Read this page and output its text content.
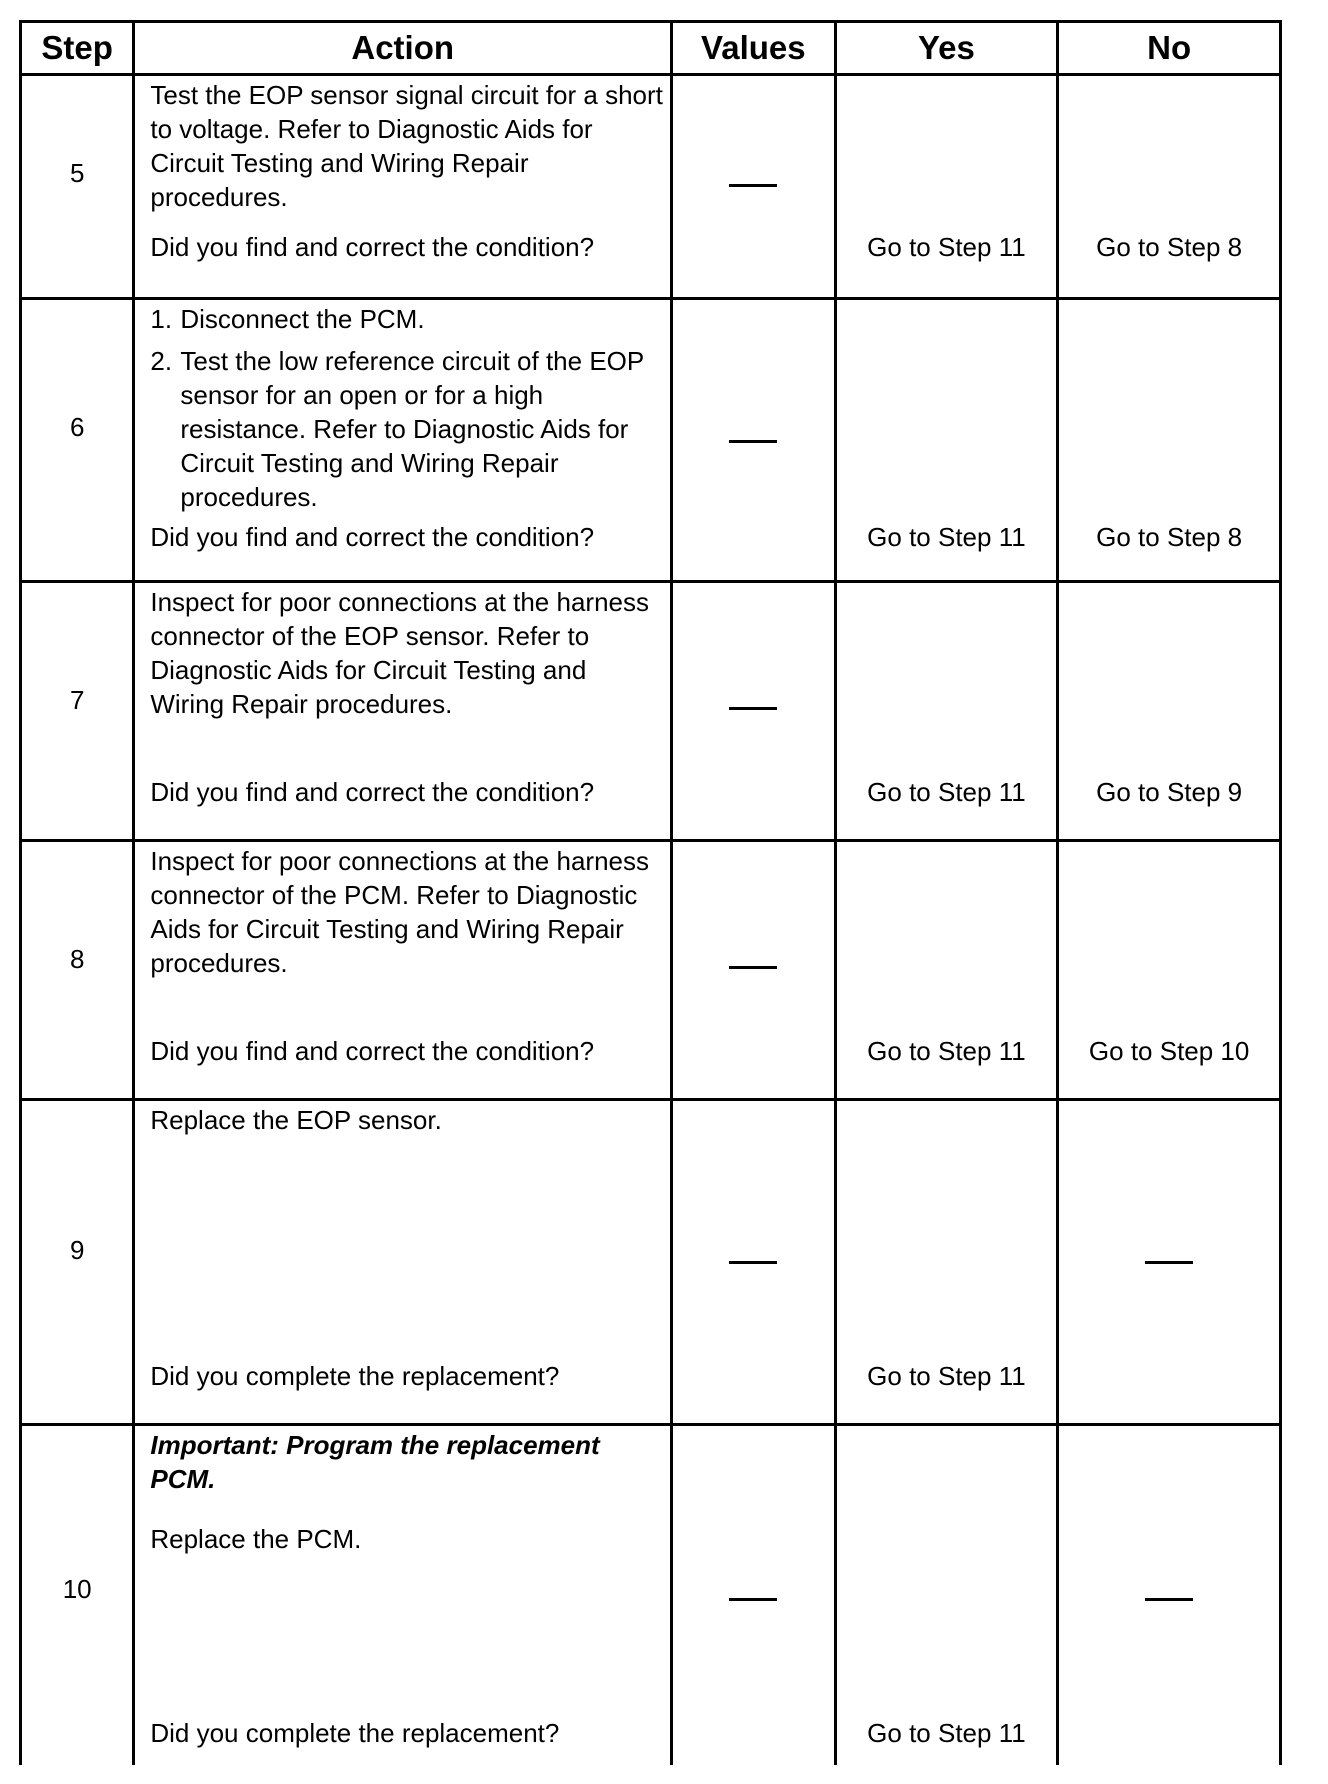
Step	Action	Values	Yes	No

5	Test the EOP sensor signal circuit for a short to voltage. Refer to Diagnostic Aids for Circuit Testing and Wiring Repair procedures.
Did you find and correct the condition?		Go to Step 11	Go to Step 8

6	1. Disconnect the PCM.
2. Test the low reference circuit of the EOP sensor for an open or for a high resistance. Refer to Diagnostic Aids for Circuit Testing and Wiring Repair procedures.
Did you find and correct the condition?		Go to Step 11	Go to Step 8

7	Inspect for poor connections at the harness connector of the EOP sensor. Refer to Diagnostic Aids for Circuit Testing and Wiring Repair procedures.
Did you find and correct the condition?		Go to Step 11	Go to Step 9

8	Inspect for poor connections at the harness connector of the PCM. Refer to Diagnostic Aids for Circuit Testing and Wiring Repair procedures.
Did you find and correct the condition?		Go to Step 11	Go to Step 10

9	Replace the EOP sensor.
Did you complete the replacement?		Go to Step 11	

10	Important: Program the replacement PCM.
Replace the PCM.
Did you complete the replacement?		Go to Step 11	
